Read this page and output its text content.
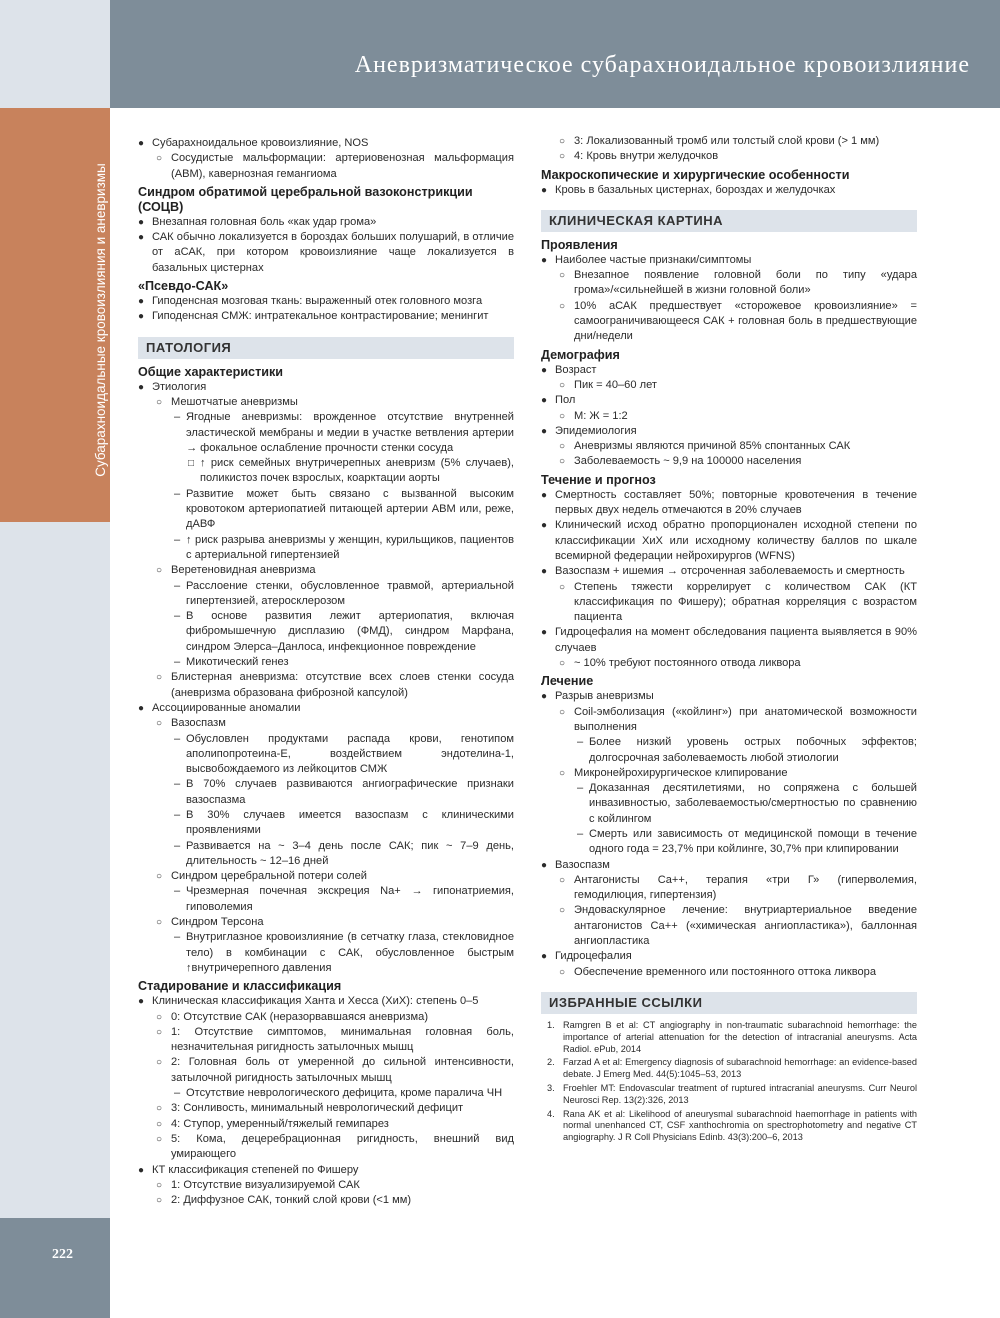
Аневризматическое субарахноидальное кровоизлияние
Субарахноидальные кровоизлияния и аневризмы
222
● Субарахноидальное кровоизлияние, NOS
○ Сосудистые мальформации: артериовенозная мальформация (АВМ), кавернозная гемангиома
Синдром обратимой церебральной вазоконстрикции (СОЦВ)
● Внезапная головная боль «как удар грома»
● САК обычно локализуется в бороздах больших полушарий, в отличие от аСАК, при котором кровоизлияние чаще локализуется в базальных цистернах
«Псевдо-САК»
● Гиподенсная мозговая ткань: выраженный отек головного мозга
● Гиподенсная СМЖ: интратекальное контрастирование; менингит
ПАТОЛОГИЯ
Общие характеристики
● Этиология
○ Мешотчатые аневризмы
– Ягодные аневризмы: врожденное отсутствие внутренней эластической мембраны и медии в участке ветвления артерии → фокальное ослабление прочности стенки сосуда
□ ↑ риск семейных внутричерепных аневризм (5% случаев), поликистоз почек взрослых, коарктации аорты
– Развитие может быть связано с вызванной высоким кровотоком артериопатией питающей артерии АВМ или, реже, дАВФ
– ↑ риск разрыва аневризмы у женщин, курильщиков, пациентов с артериальной гипертензией
○ Веретеновидная аневризма
– Расслоение стенки, обусловленное травмой, артериальной гипертензией, атеросклерозом
– В основе развития лежит артериопатия, включая фибромышечную дисплазию (ФМД), синдром Марфана, синдром Элерса–Данлоса, инфекционное повреждение
– Микотический генез
○ Блистерная аневризма: отсутствие всех слоев стенки сосуда (аневризма образована фиброзной капсулой)
● Ассоциированные аномалии
○ Вазоспазм
– Обусловлен продуктами распада крови, генотипом аполипопротеина-Е, воздействием эндотелина-1, высвобождаемого из лейкоцитов СМЖ
– В 70% случаев развиваются ангиографические признаки вазоспазма
– В 30% случаев имеется вазоспазм с клиническими проявлениями
– Развивается на ~ 3–4 день после САК; пик ~ 7–9 день, длительность ~ 12–16 дней
○ Синдром церебральной потери солей
– Чрезмерная почечная экскреция Na+ → гипонатриемия, гиповолемия
○ Синдром Терсона
– Внутриглазное кровоизлияние (в сетчатку глаза, стекловидное тело) в комбинации с САК, обусловленное быстрым ↑внутричерепного давления
Стадирование и классификация
● Клиническая классификация Ханта и Хесса (ХиХ): степень 0–5
○ 0: Отсутствие САК (неразорвавшаяся аневризма)
○ 1: Отсутствие симптомов, минимальная головная боль, незначительная ригидность затылочных мышц
○ 2: Головная боль от умеренной до сильной интенсивности, затылочной ригидность затылочных мышц
– Отсутствие неврологического дефицита, кроме паралича ЧН
○ 3: Сонливость, минимальный неврологический дефицит
○ 4: Ступор, умеренный/тяжелый гемипарез
○ 5: Кома, децеребрационная ригидность, внешний вид умирающего
● КТ классификация степеней по Фишеру
○ 1: Отсутствие визуализируемой САК
○ 2: Диффузное САК, тонкий слой крови (<1 мм)
○ 3: Локализованный тромб или толстый слой крови (> 1 мм)
○ 4: Кровь внутри желудочков
Макроскопические и хирургические особенности
● Кровь в базальных цистернах, бороздах и желудочках
КЛИНИЧЕСКАЯ КАРТИНА
Проявления
● Наиболее частые признаки/симптомы
○ Внезапное появление головной боли по типу «удара грома»/«сильнейшей в жизни головной боли»
○ 10% аСАК предшествует «сторожевое кровоизлияние» = самоограничивающееся САК + головная боль в предшествующие дни/недели
Демография
● Возраст
○ Пик = 40–60 лет
● Пол
○ М: Ж = 1:2
● Эпидемиология
○ Аневризмы являются причиной 85% спонтанных САК
○ Заболеваемость ~ 9,9 на 100000 населения
Течение и прогноз
● Смертность составляет 50%; повторные кровотечения в течение первых двух недель отмечаются в 20% случаев
● Клинический исход обратно пропорционален исходной степени по классификации ХиХ или исходному количеству баллов по шкале всемирной федерации нейрохирургов (WFNS)
● Вазоспазм + ишемия → отсроченная заболеваемость и смертность
○ Степень тяжести коррелирует с количеством САК (КТ классификация по Фишеру); обратная корреляция с возрастом пациента
● Гидроцефалия на момент обследования пациента выявляется в 90% случаев
○ ~ 10% требуют постоянного отвода ликвора
Лечение
● Разрыв аневризмы
○ Coil-эмболизация («койлинг») при анатомической возможности выполнения
– Более низкий уровень острых побочных эффектов; долгосрочная заболеваемость любой этиологии
○ Микронейрохирургическое клипирование
– Доказанная десятилетиями, но сопряжена с большей инвазивностью, заболеваемостью/смертностью по сравнению с койлингом
– Смерть или зависимость от медицинской помощи в течение одного года = 23,7% при койлинге, 30,7% при клипировании
● Вазоспазм
○ Антагонисты Ca++, терапия «три Г» (гиперволемия, гемодилюция, гипертензия)
○ Эндоваскулярное лечение: внутриартериальное введение антагонистов Ca++ («химическая ангиопластика»), баллонная ангиопластика
● Гидроцефалия
○ Обеспечение временного или постоянного оттока ликвора
ИЗБРАННЫЕ ССЫЛКИ
1. Ramgren B et al: CT angiography in non-traumatic subarachnoid hemorrhage: the importance of arterial attenuation for the detection of intracranial aneurysms. Acta Radiol. ePub, 2014
2. Farzad A et al: Emergency diagnosis of subarachnoid hemorrhage: an evidence-based debate. J Emerg Med. 44(5):1045–53, 2013
3. Froehler MT: Endovascular treatment of ruptured intracranial aneurysms. Curr Neurol Neurosci Rep. 13(2):326, 2013
4. Rana AK et al: Likelihood of aneurysmal subarachnoid haemorrhage in patients with normal unenhanced CT, CSF xanthochromia on spectrophotometry and negative CT angiography. J R Coll Physicians Edinb. 43(3):200–6, 2013
